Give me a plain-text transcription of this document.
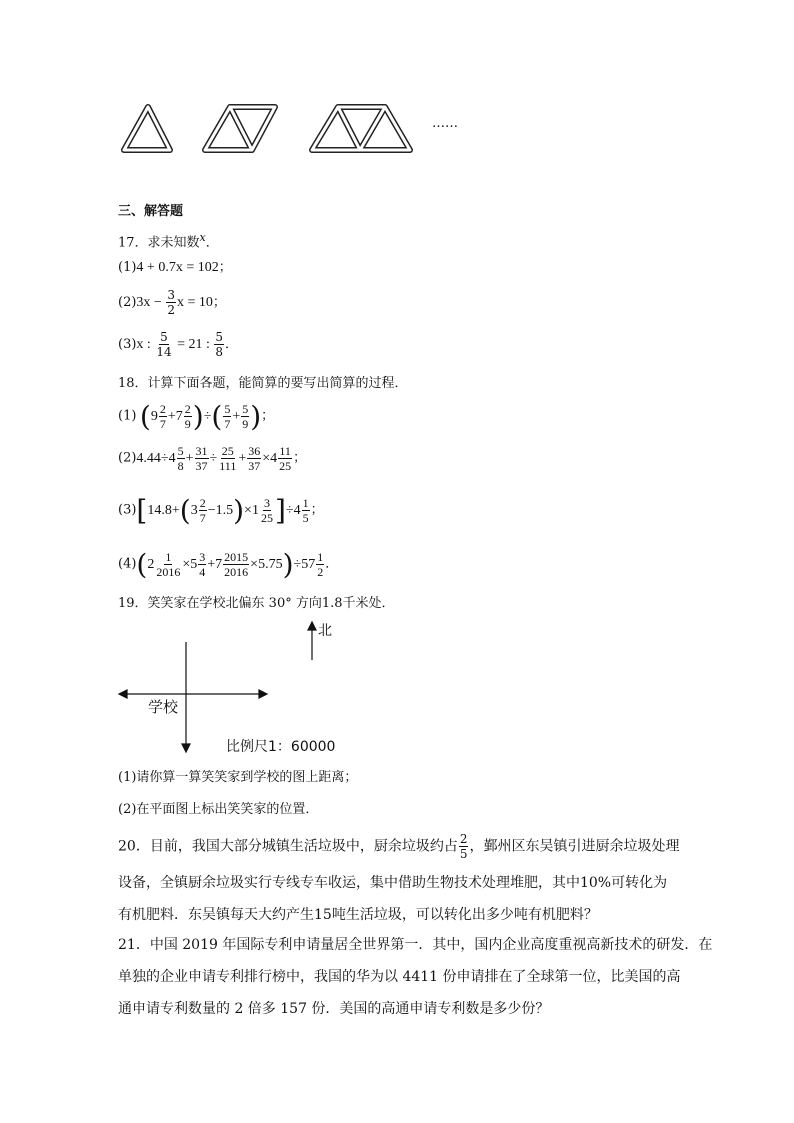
……
三、解答题
17．求未知数$^x$．
(1)4 + 0.7x = 102；
$(2)3x - \frac{3}{2}$ x = 10；
(3)x : $\frac{5}{14} = 21$ : $\frac{5}{8}$ ．
18．计算下面各题，能简算的要写出简算的过程．
(1) ($9 \frac{2}{7} +7 \frac{2}{9}$ )÷( $\frac{5}{7} + \frac{5}{9}$ )；
$(2)4.44\div 4 \frac{5}{8} + \frac{31}{37} \div \frac{25}{111} + \frac{36}{37} \times 4 \frac{11}{25}$ ；
$(3)[14.8+(3 \frac{2}{7} -1.5)\times 1 \frac{3}{25} ]\div 4 \frac{1}{5}$ ；
$(4)(2 \frac{1}{2016} \times 5 \frac{3}{4} +7 \frac{2015}{2016} \times 5.75)\div 57 \frac{1}{2}$ ．
19．笑笑家在学校北偏东 30° 方向1.8千米处．
北
学校
比例尺1：60000
(1)请你算一算笑笑家到学校的图上距离；
(2)在平面图上标出笑笑家的位置．
20．目前，我国大部分城镇生活垃圾中，厨余垃圾约占 $\frac{2}{5}$ ，鄞州区东吴镇引进厨余垃圾处理
设备，全镇厨余垃圾实行专线专车收运，集中借助生物技术处理堆肥，其中10%可转化为
有机肥料．东吴镇每天大约产生15吨生活垃圾，可以转化出多少吨有机肥料？
21．中国 2019 年国际专利申请量居全世界第一．其中，国内企业高度重视高新技术的研发．在
单独的企业申请专利排行榜中，我国的华为以 4411 份申请排在了全球第一位，比美国的高
通申请专利数量的 2 倍多 157 份．美国的高通申请专利数是多少份？
